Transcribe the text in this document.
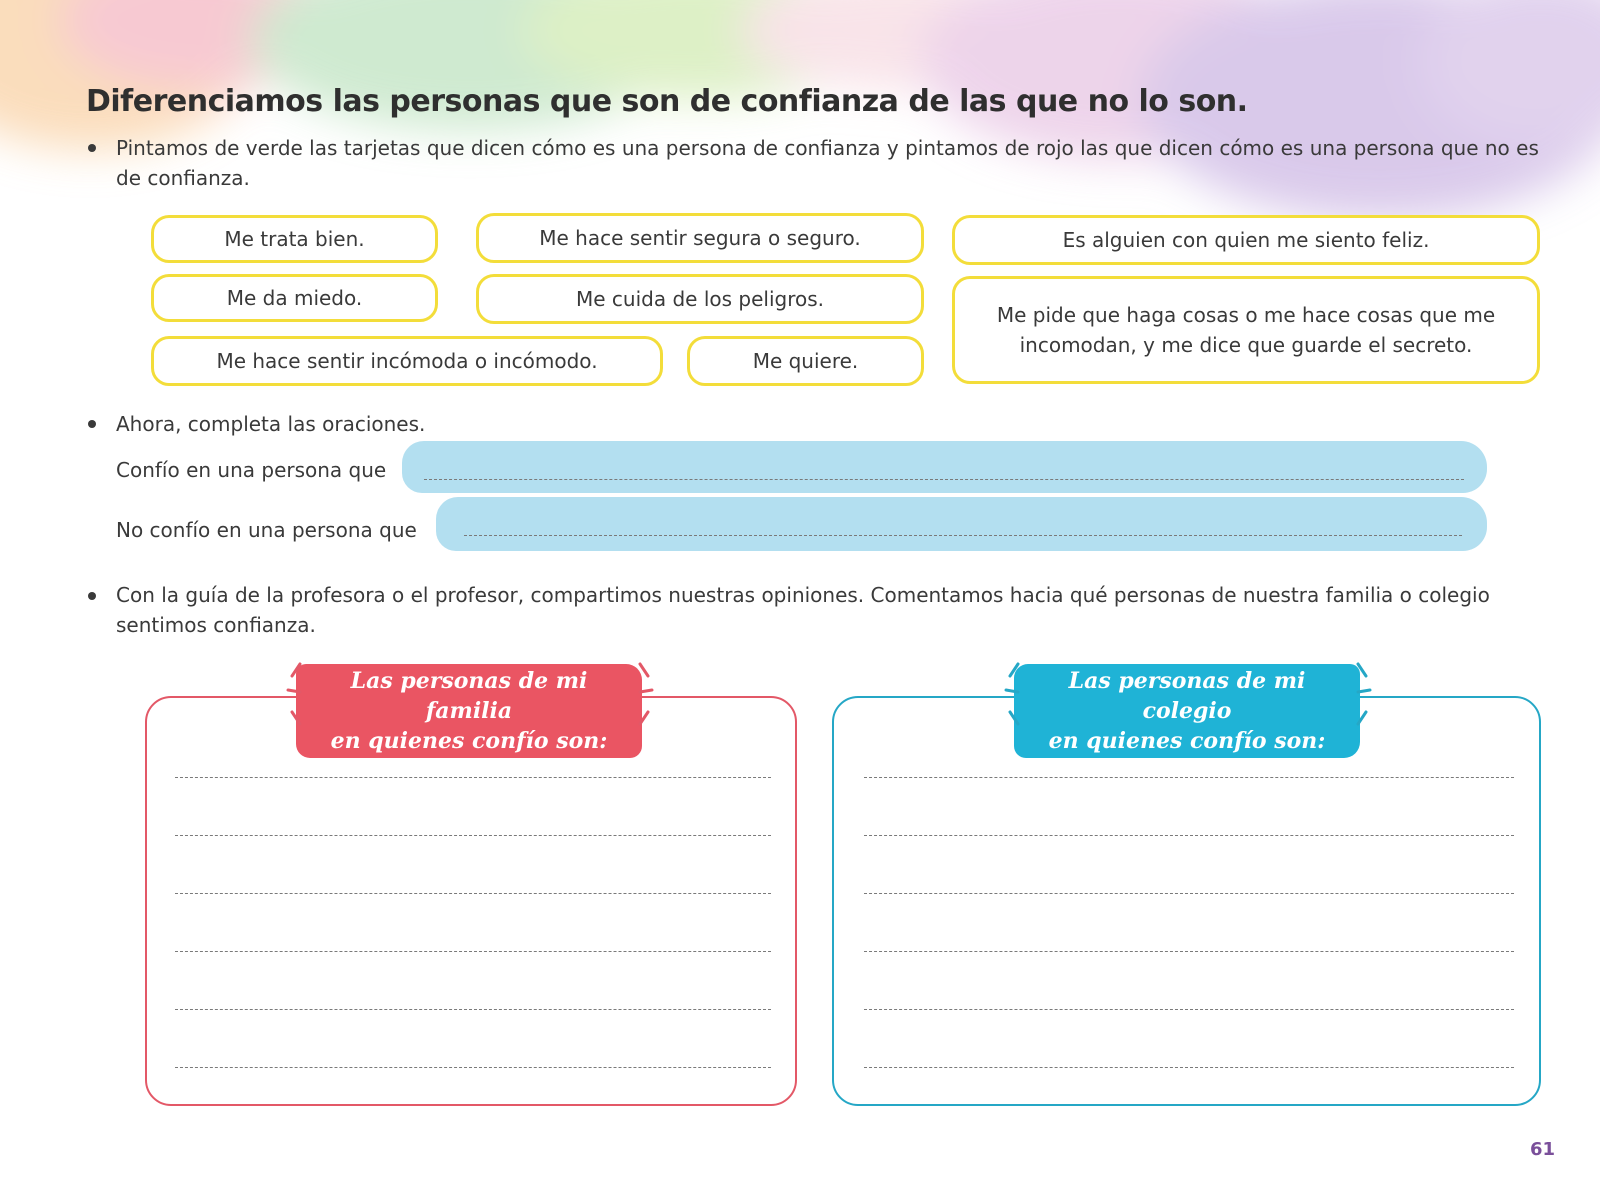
Diferenciamos las personas que son de confianza de las que no lo son.
Pintamos de verde las tarjetas que dicen cómo es una persona de confianza y pintamos de rojo las que dicen cómo es una persona que no es de confianza.
Me trata bien.	Me hace sentir segura o seguro.	Es alguien con quien me siento feliz.
Me da miedo.	Me cuida de los peligros.
Me pide que haga cosas o me hace cosas que me incomodan, y me dice que guarde el secreto.
Me hace sentir incómoda o incómodo.	Me quiere.
Ahora, completa las oraciones.
Confío en una persona que
No confío en una persona que
Con la guía de la profesora o el profesor, compartimos nuestras opiniones. Comentamos hacia qué personas de nuestra familia o colegio sentimos confianza.
Las personas de mi familia
en quienes confío son:
Las personas de mi colegio
en quienes confío son:
61
